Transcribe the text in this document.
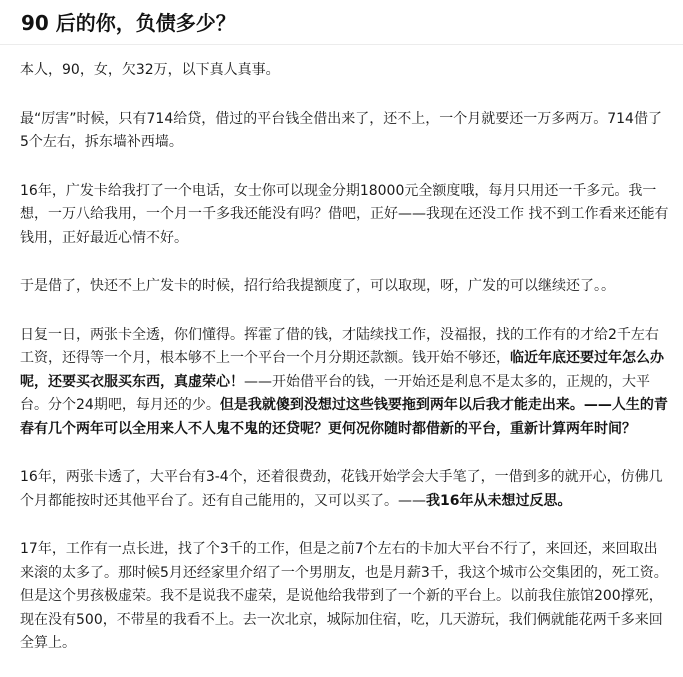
90 后的你，负债多少？

本人，90，女，欠32万，以下真人真事。

最“厉害”时候，只有714给贷，借过的平台钱全借出来了，还不上，一个月就要还一万多两万。714借了5个左右，拆东墙补西墙。

16年，广发卡给我打了一个电话，女士你可以现金分期18000元全额度哦，每月只用还一千多元。我一想，一万八给我用，一个月一千多我还能没有吗？借吧，正好——我现在还没工作 找不到工作看来还能有钱用，正好最近心情不好。

于是借了，快还不上广发卡的时候，招行给我提额度了，可以取现，呀，广发的可以继续还了。。

日复一日，两张卡全透，你们懂得。挥霍了借的钱，才陆续找工作，没福报，找的工作有的才给2千左右工资，还得等一个月，根本够不上一个平台一个月分期还款额。钱开始不够还，临近年底还要过年怎么办呢，还要买衣服买东西，真虚荣心！——开始借平台的钱，一开始还是利息不是太多的，正规的，大平台。分个24期吧，每月还的少。但是我就傻到没想过这些钱要拖到两年以后我才能走出来。——人生的青春有几个两年可以全用来人不人鬼不鬼的还贷呢？更何况你随时都借新的平台，重新计算两年时间？

16年，两张卡透了，大平台有3-4个，还着很费劲，花钱开始学会大手笔了，一借到多的就开心，仿佛几个月都能按时还其他平台了。还有自己能用的，又可以买了。——我16年从未想过反思。

17年，工作有一点长进，找了个3千的工作，但是之前7个左右的卡加大平台不行了，来回还，来回取出来滚的太多了。那时候5月还经家里介绍了一个男朋友，也是月薪3千，我这个城市公交集团的，死工资。但是这个男孩极虚荣。我不是说我不虚荣，是说他给我带到了一个新的平台上。以前我住旅馆200撑死，现在没有500，不带星的我看不上。去一次北京，城际加住宿，吃，几天游玩，我们俩就能花两千多来回全算上。
